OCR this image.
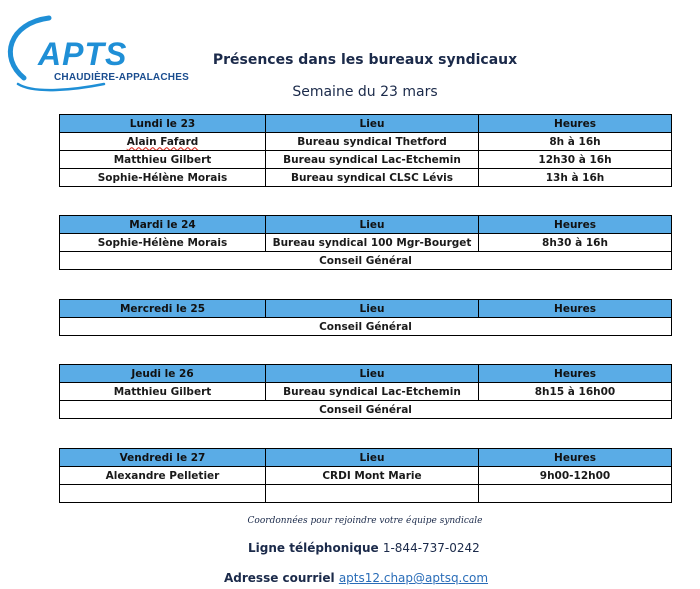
APTS
CHAUDIÈRE-APPALACHES
Présences dans les bureaux syndicaux
Semaine du 23 mars
Lundi le 23	Lieu	Heures
Alain Fafard	Bureau syndical Thetford	8h à 16h
Matthieu Gilbert	Bureau syndical Lac-Etchemin	12h30 à 16h
Sophie-Hélène Morais	Bureau syndical CLSC Lévis	13h à 16h
Mardi le 24	Lieu	Heures
Sophie-Hélène Morais	Bureau syndical 100 Mgr-Bourget	8h30 à 16h
Conseil Général		
Mercredi le 25	Lieu	Heures
Conseil Général
Jeudi le 26	Lieu	Heures
Matthieu Gilbert	Bureau syndical Lac-Etchemin	8h15 à 16h00
Conseil Général		
Vendredi le 27	Lieu	Heures
Alexandre Pelletier	CRDI Mont Marie	9h00-12h00

Coordonnées pour rejoindre votre équipe syndicale
Ligne téléphonique 1-844-737-0242
Adresse courriel apts12.chap@aptsq.com
